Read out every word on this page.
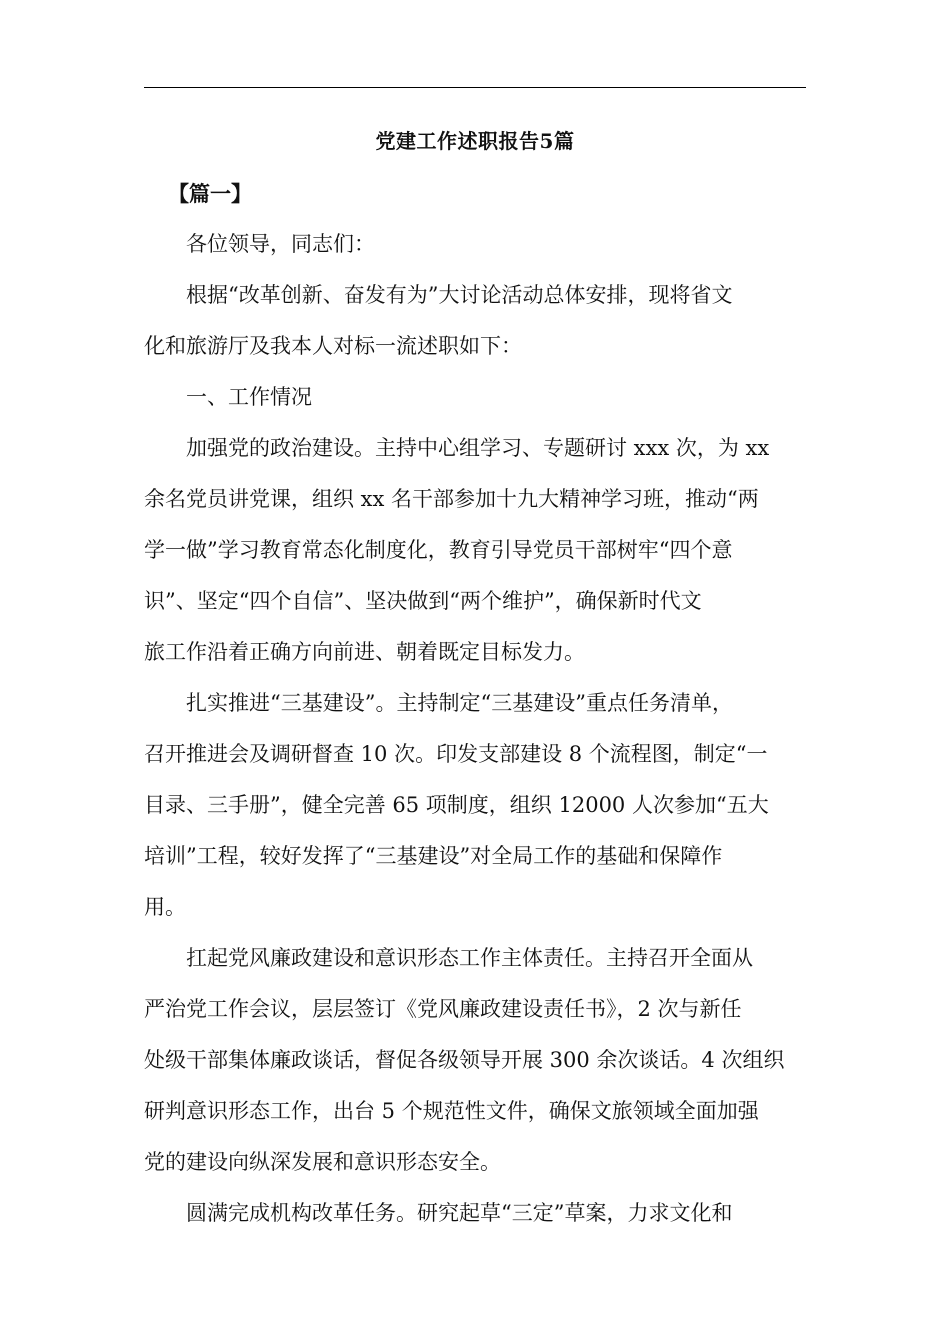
党建工作述职报告5篇

【篇一】

各位领导，同志们：

根据“改革创新、奋发有为”大讨论活动总体安排，现将省文
化和旅游厅及我本人对标一流述职如下：

一、工作情况

加强党的政治建设。主持中心组学习、专题研讨 xxx 次，为 xx
余名党员讲党课，组织 xx 名干部参加十九大精神学习班，推动“两
学一做”学习教育常态化制度化，教育引导党员干部树牢“四个意
识”、坚定“四个自信”、坚决做到“两个维护”，确保新时代文
旅工作沿着正确方向前进、朝着既定目标发力。

扎实推进“三基建设”。主持制定“三基建设”重点任务清单，
召开推进会及调研督查 10 次。印发支部建设 8 个流程图，制定“一
目录、三手册”，健全完善 65 项制度，组织 12000 人次参加“五大
培训”工程，较好发挥了“三基建设”对全局工作的基础和保障作
用。

扛起党风廉政建设和意识形态工作主体责任。主持召开全面从
严治党工作会议，层层签订《党风廉政建设责任书》，2 次与新任
处级干部集体廉政谈话，督促各级领导开展 300 余次谈话。4 次组织
研判意识形态工作，出台 5 个规范性文件，确保文旅领域全面加强
党的建设向纵深发展和意识形态安全。

圆满完成机构改革任务。研究起草“三定”草案，力求文化和
